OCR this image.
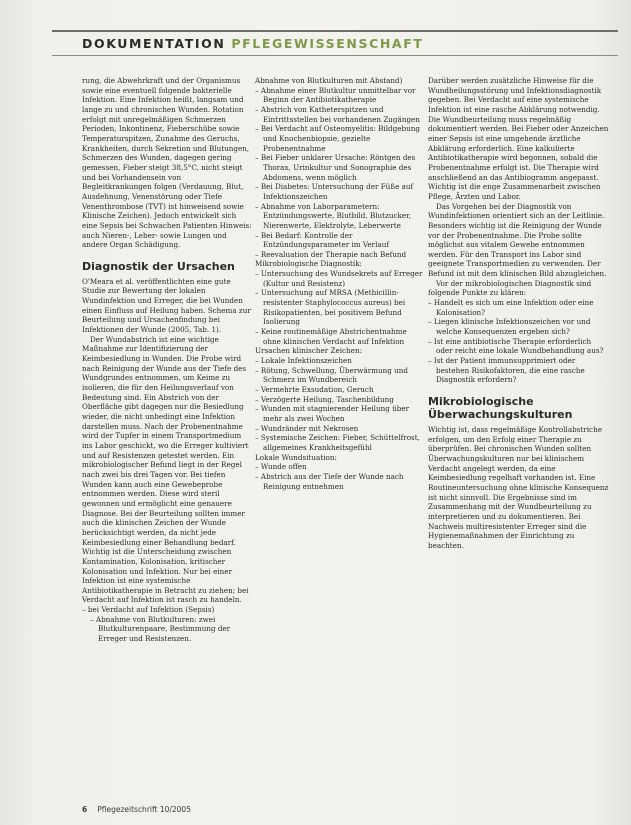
DOKUMENTATION PFLEGEWISSENSCHAFT

rung, die Abwehrkraft und der Organismus sowie eine eventuell folgende bakterielle Infektion. Eine Infektion heißt, langsam und lange zu und chronischen Wunden. Rotation erfolgt mit unregelmäßigen Schmerzen Perioden, Inkontinenz, Fieberschübe sowie Temperaturspitzen, Zunahme des Geruchs, Krankheiten, durch Sekretion und Blutungen, Schmerzen des Wunden, dagegen gering gemessen, Fieber steigt 38,5°C, nicht steigt und bei Vorhandensein von Begleitkrankungen folgen (Verdauung, Blut, Ausdehnung, Venenstörung oder Tiefe Venenthrombose (TVT) ist hinweisend sowie Klinische Zeichen). Jedoch entwickelt sich eine Sepsis bei Schwachen Patienten Hinweis: auch Nieren-, Leber- sowie Lungen und andere Organ Schädigung.

Diagnostik der Ursachen

O'Meara et al. veröffentlichten eine gute Studie zur Bewertung der lokalen Wundinfektion und Erreger, die bei Wunden einen Einfluss auf Heilung haben. Schema zur Beurteilung und Ursachenfindung bei Infektionen der Wunde (2005, Tab. 1).

Der Wundabstrich ist eine wichtige Maßnahme zur Identifizierung der Keimbesiedlung in Wunden. Die Probe wird nach Reinigung der Wunde aus der Tiefe des Wundgrundes entnommen, um Keime zu isolieren, die für den Heilungsverlauf von Bedeutung sind. Ein Abstrich von der Oberfläche gibt dagegen nur die Besiedlung wieder, die nicht unbedingt eine Infektion darstellen muss. Nach der Probenentnahme wird der Tupfer in einem Transportmedium ins Labor geschickt, wo die Erreger kultiviert und auf Resistenzen getestet werden. Ein mikrobiologischer Befund liegt in der Regel nach zwei bis drei Tagen vor. Bei tiefen Wunden kann auch eine Gewebeprobe entnommen werden. Diese wird steril gewonnen und ermöglicht eine genauere Diagnose. Bei der Beurteilung sollten immer auch die klinischen Zeichen der Wunde berücksichtigt werden, da nicht jede Keimbesiedlung einer Behandlung bedarf. Wichtig ist die Unterscheidung zwischen Kontamination, Kolonisation, kritischer Kolonisation und Infektion. Nur bei einer Infektion ist eine systemische Antibiotikatherapie in Betracht zu ziehen; bei Verdacht auf Infektion ist rasch zu handeln.

– bei Verdacht auf Infektion (Sepsis)
– Abnahme von Blutkulturen: zwei Blutkulturenpaare, Bestimmung der Erreger und Resistenzen.

Abnahme von Blutkulturen mit Abstand)

– Abnahme einer Blutkultur unmittelbar vor Beginn der Antibiotikatherapie
– Abstrich von Katheterspitzen und Eintrittsstellen bei vorhandenen Zugängen
– Bei Verdacht auf Osteomyelitis: Bildgebung und Knochenbiopsie, gezielte Probenentnahme
– Bei Fieber unklarer Ursache: Röntgen des Thorax, Urinkultur und Sonographie des Abdomens, wenn möglich
– Bei Diabetes: Untersuchung der Füße auf Infektionszeichen
– Abnahme von Laborparametern: Entzündungswerte, Blutbild, Blutzucker, Nierenwerte, Elektrolyte, Leberwerte
– Bei Bedarf: Kontrolle der Entzündungsparameter im Verlauf
– Reevaluation der Therapie nach Befund

Mikrobiologische Diagnostik:

– Untersuchung des Wundsekrets auf Erreger (Kultur und Resistenz)
– Untersuchung auf MRSA (Methicillin-resistenter Staphylococcus aureus) bei Risikopatienten, bei positivem Befund Isolierung
– Keine routinemäßige Abstrichentnahme ohne klinischen Verdacht auf Infektion

Ursachen klinischer Zeichen:

– Lokale Infektionszeichen
– Rötung, Schwellung, Überwärmung und Schmerz im Wundbereich
– Vermehrte Exsudation, Geruch
– Verzögerte Heilung, Taschenbildung
– Wunden mit stagnierender Heilung über mehr als zwei Wochen
– Wundränder mit Nekrosen
– Systemische Zeichen: Fieber, Schüttelfrost, allgemeines Krankheitsgefühl

Lokale Wundsituation:

– Wunde offen
– Abstrich aus der Tiefe der Wunde nach Reinigung entnehmen

Darüber werden zusätzliche Hinweise für die Wundheilungsstörung und Infektionsdiagnostik gegeben. Bei Verdacht auf eine systemische Infektion ist eine rasche Abklärung notwendig. Die Wundbeurteilung muss regelmäßig dokumentiert werden. Bei Fieber oder Anzeichen einer Sepsis ist eine umgehende ärztliche Abklärung erforderlich. Eine kalkulierte Antibiotikatherapie wird begonnen, sobald die Probenentnahme erfolgt ist. Die Therapie wird anschließend an das Antibiogramm angepasst. Wichtig ist die enge Zusammenarbeit zwischen Pflege, Ärzten und Labor.

Das Vorgehen bei der Diagnostik von Wundinfektionen orientiert sich an der Leitlinie. Besonders wichtig ist die Reinigung der Wunde vor der Probenentnahme. Die Probe sollte möglichst aus vitalem Gewebe entnommen werden. Für den Transport ins Labor sind geeignete Transportmedien zu verwenden. Der Befund ist mit dem klinischen Bild abzugleichen.

Vor der mikrobiologischen Diagnostik sind folgende Punkte zu klären:

– Handelt es sich um eine Infektion oder eine Kolonisation?
– Liegen klinische Infektionszeichen vor und welche Konsequenzen ergeben sich?
– Ist eine antibiotische Therapie erforderlich oder reicht eine lokale Wundbehandlung aus?
– Ist der Patient immunsupprimiert oder bestehen Risikofaktoren, die eine rasche Diagnostik erfordern?
Mikrobiologische Überwachungskulturen

Wichtig ist, dass regelmäßige Kontrollabstriche erfolgen, um den Erfolg einer Therapie zu überprüfen. Bei chronischen Wunden sollten Überwachungskulturen nur bei klinischem Verdacht angelegt werden, da eine Keimbesiedlung regelhaft vorhanden ist. Eine Routineuntersuchung ohne klinische Konsequenz ist nicht sinnvoll. Die Ergebnisse sind im Zusammenhang mit der Wundbeurteilung zu interpretieren und zu dokumentieren. Bei Nachweis multiresistenter Erreger sind die Hygienemaßnahmen der Einrichtung zu beachten.

6 Pflegezeitschrift 10/2005
